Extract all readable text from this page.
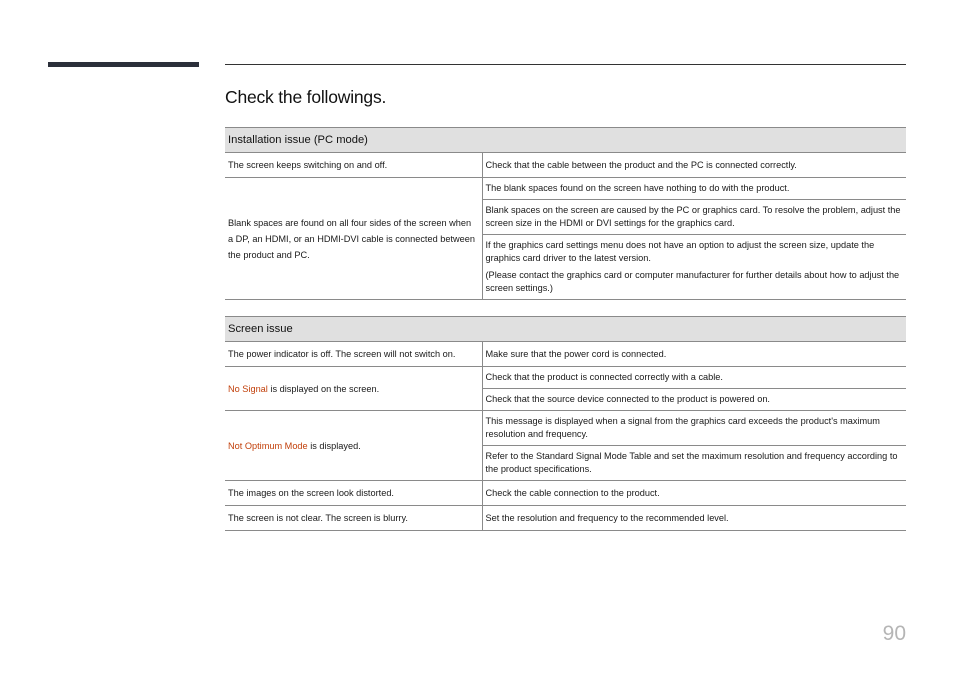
Check the followings.
Installation issue (PC mode)	
The screen keeps switching on and off.	Check that the cable between the product and the PC is connected correctly.
Blank spaces are found on all four sides of the screen when a DP, an HDMI, or an HDMI-DVI cable is connected between the product and PC.	The blank spaces found on the screen have nothing to do with the product.
	Blank spaces on the screen are caused by the PC or graphics card. To resolve the problem, adjust the screen size in the HDMI or DVI settings for the graphics card.

	If the graphics card settings menu does not have an option to adjust the screen size, update the graphics card driver to the latest version.

(Please contact the graphics card or computer manufacturer for further details about how to adjust the screen settings.)

Screen issue	
The power indicator is off. The screen will not switch on.	Make sure that the power cord is connected.
No Signal is displayed on the screen.	Check that the product is connected correctly with a cable.
	Check that the source device connected to the product is powered on.
Not Optimum Mode is displayed.	This message is displayed when a signal from the graphics card exceeds the product's maximum resolution and frequency.
	Refer to the Standard Signal Mode Table and set the maximum resolution and frequency according to the product specifications.
The images on the screen look distorted.	Check the cable connection to the product.
The screen is not clear. The screen is blurry.	Set the resolution and frequency to the recommended level.
90
